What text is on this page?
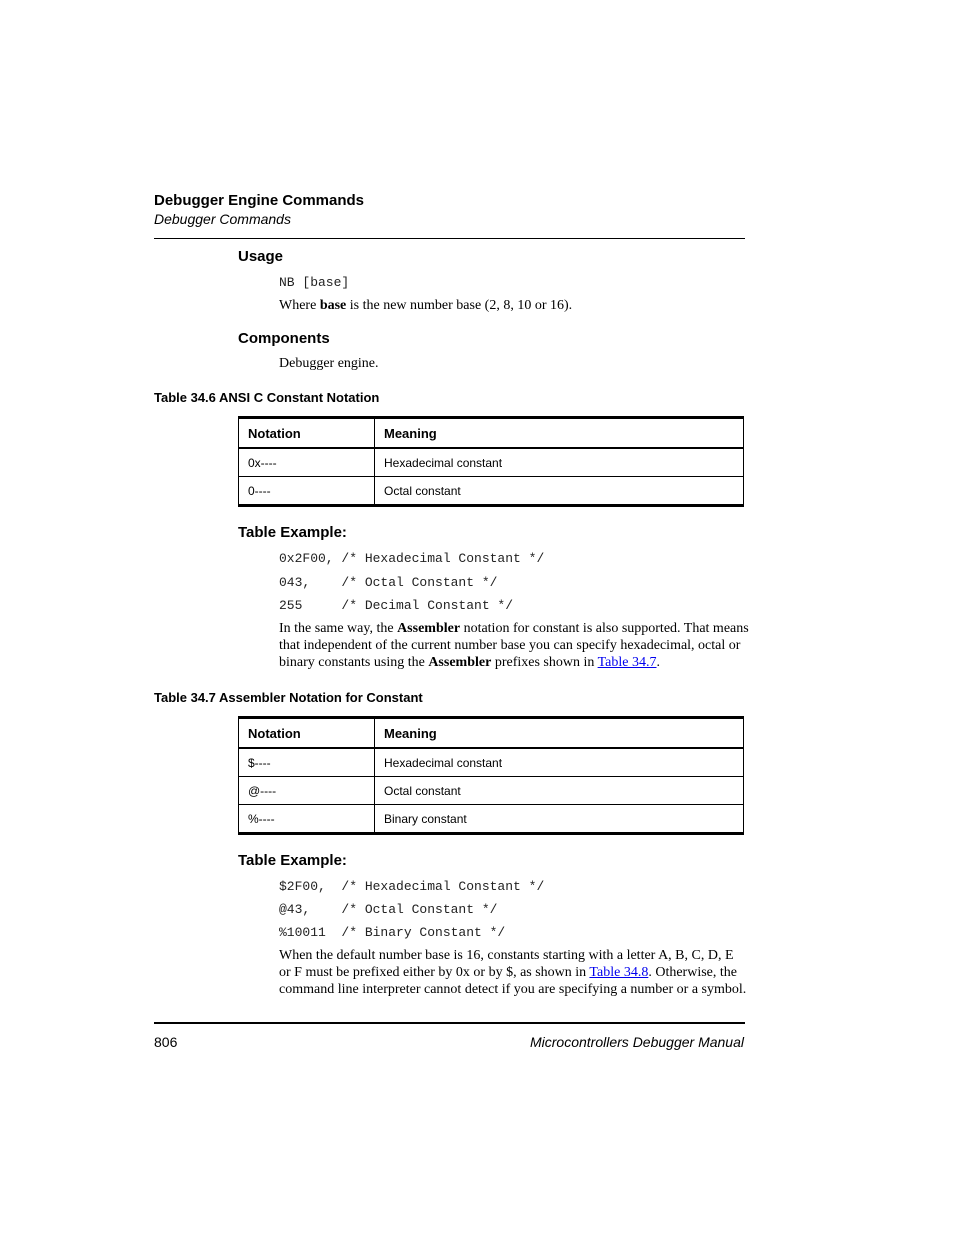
Debugger Engine Commands
Debugger Commands
Usage
NB [base]
Where base is the new number base (2, 8, 10 or 16).
Components
Debugger engine.
Table 34.6 ANSI C Constant Notation
Notation	Meaning
0x----	Hexadecimal constant
0----	Octal constant
Table Example:
0x2F00, /* Hexadecimal Constant */
043,    /* Octal Constant */
255     /* Decimal Constant */
In the same way, the Assembler notation for constant is also supported. That means that independent of the current number base you can specify hexadecimal, octal or binary constants using the Assembler prefixes shown in Table 34.7.
Table 34.7 Assembler Notation for Constant
Notation	Meaning
$----	Hexadecimal constant
@----	Octal constant
%----	Binary constant
Table Example:
$2F00,  /* Hexadecimal Constant */
@43,    /* Octal Constant */
%10011  /* Binary Constant */
When the default number base is 16, constants starting with a letter A, B, C, D, E or F must be prefixed either by 0x or by $, as shown in Table 34.8. Otherwise, the command line interpreter cannot detect if you are specifying a number or a symbol.
806	Microcontrollers Debugger Manual
